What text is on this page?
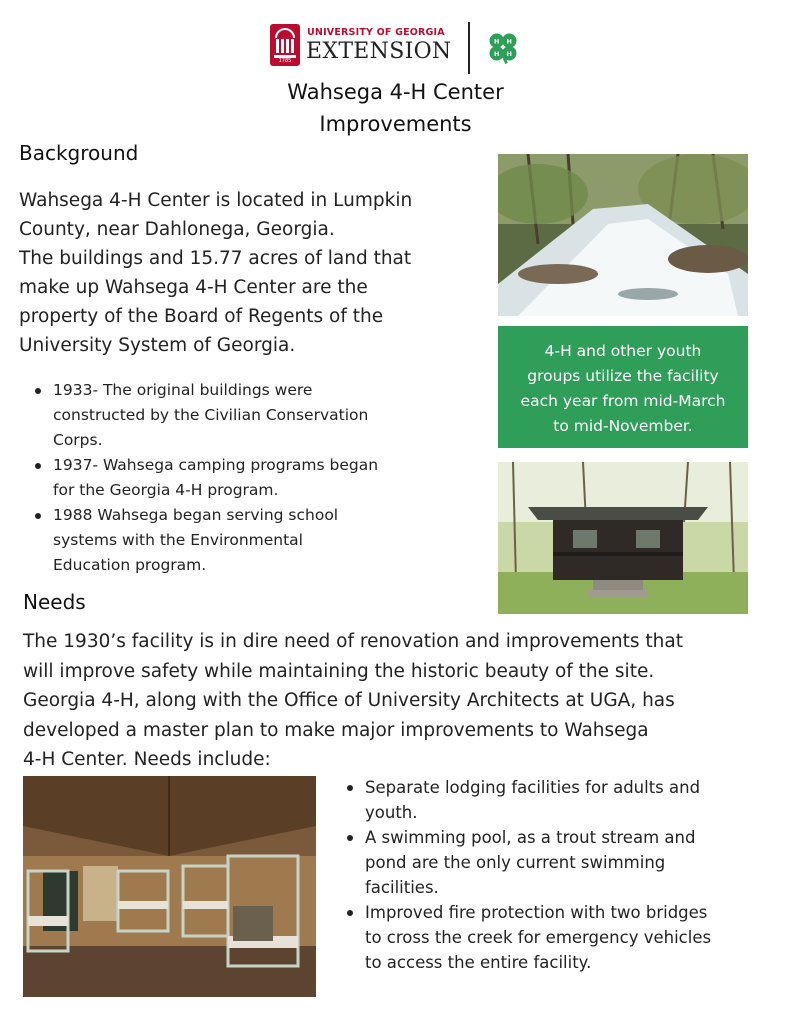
1785
UNIVERSITY OF GEORGIA
EXTENSION	H H
H H
Wahsega 4-H Center
Improvements
Background
Wahsega 4-H Center is located in Lumpkin
County, near Dahlonega, Georgia.
The buildings and 15.77 acres of land that
make up Wahsega 4-H Center are the
property of the Board of Regents of the
University System of Georgia.
1933- The original buildings were
constructed by the Civilian Conservation
Corps.
1937- Wahsega camping programs began
for the Georgia 4-H program.
1988 Wahsega began serving school
systems with the Environmental
Education program.
4-H and other youth
groups utilize the facility
each year from mid-March
to mid-November.
Needs
The 1930’s facility is in dire need of renovation and improvements that
will improve safety while maintaining the historic beauty of the site.
Georgia 4-H, along with the Office of University Architects at UGA, has
developed a master plan to make major improvements to Wahsega
4-H Center. Needs include:
Separate lodging facilities for adults and
youth.
A swimming pool, as a trout stream and
pond are the only current swimming
facilities.
Improved fire protection with two bridges
to cross the creek for emergency vehicles
to access the entire facility.
